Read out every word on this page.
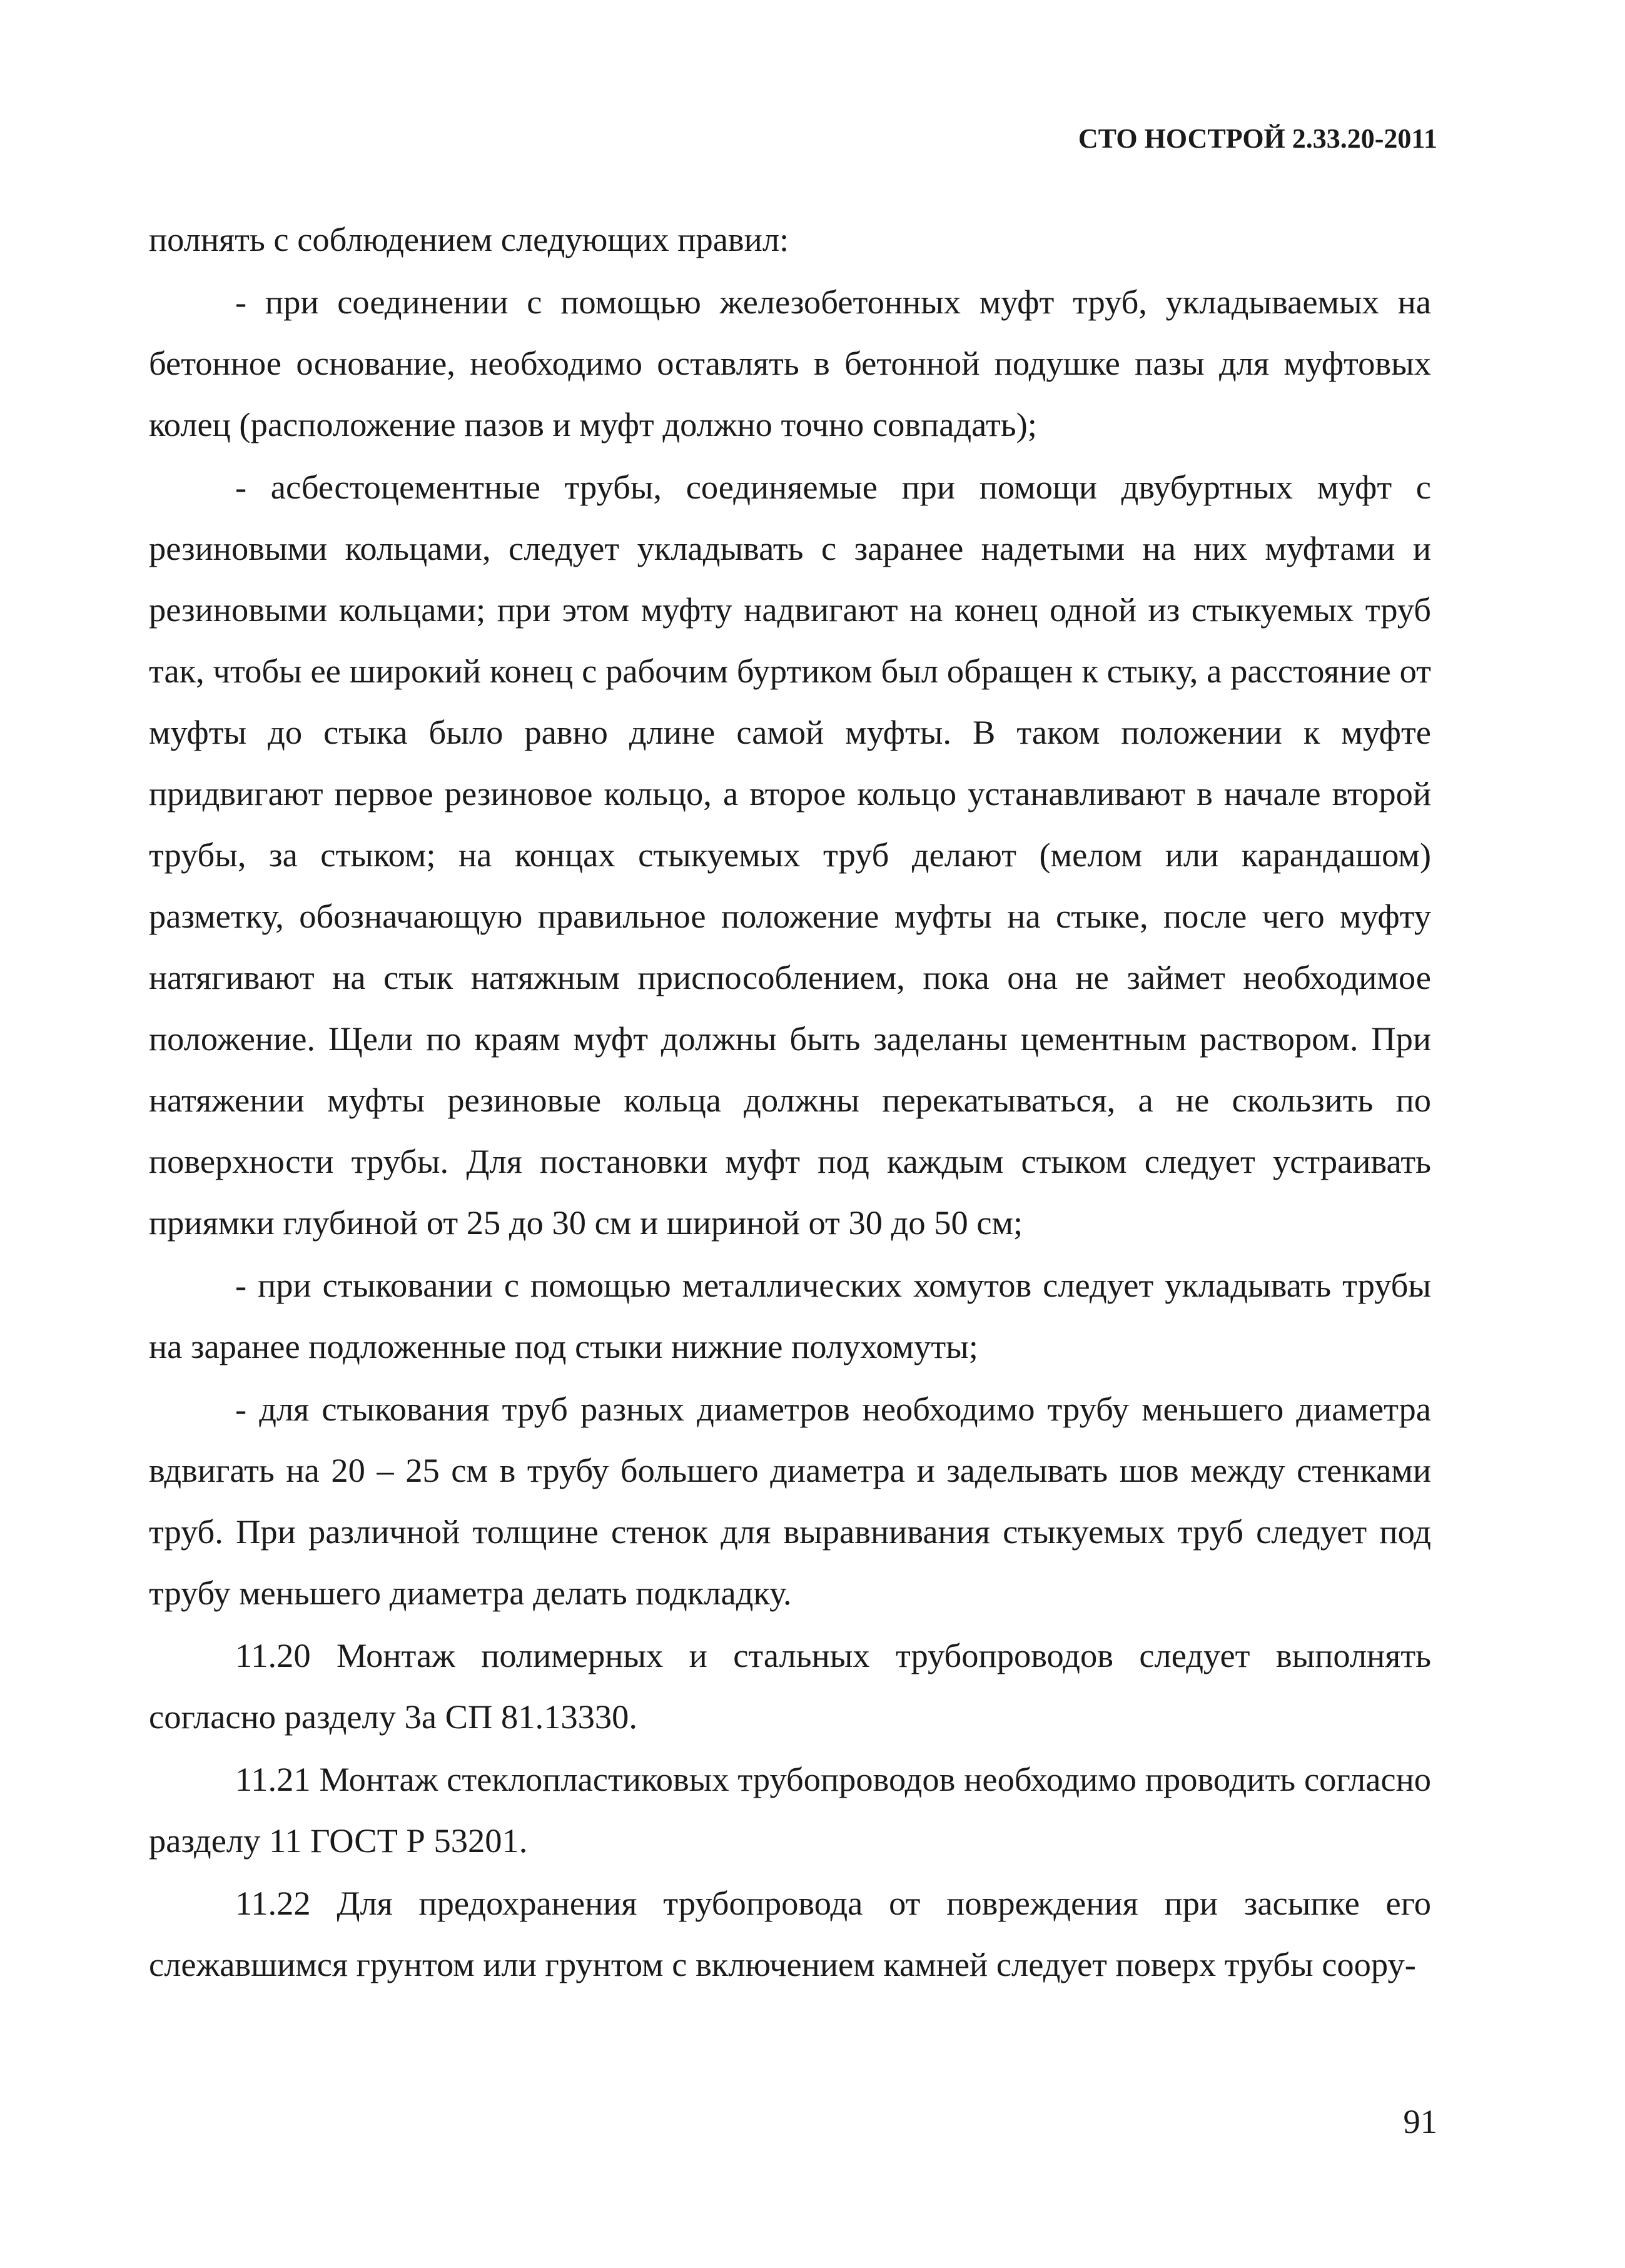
СТО НОСТРОЙ 2.33.20-2011

полнять с соблюдением следующих правил:

- при соединении с помощью железобетонных муфт труб, укладываемых на бетонное основание, необходимо оставлять в бетонной подушке пазы для муфтовых колец (расположение пазов и муфт должно точно совпадать);

- асбестоцементные трубы, соединяемые при помощи двубуртных муфт с резиновыми кольцами, следует укладывать с заранее надетыми на них муфтами и резиновыми кольцами; при этом муфту надвигают на конец одной из стыкуемых труб так, чтобы ее широкий конец с рабочим буртиком был обращен к стыку, а расстояние от муфты до стыка было равно длине самой муфты. В таком положении к муфте придвигают первое резиновое кольцо, а второе кольцо устанавливают в начале второй трубы, за стыком; на концах стыкуемых труб делают (мелом или карандашом) разметку, обозначающую правильное положение муфты на стыке, после чего муфту натягивают на стык натяжным приспособлением, пока она не займет необходимое положение. Щели по краям муфт должны быть заделаны цементным раствором. При натяжении муфты резиновые кольца должны перекатываться, а не скользить по поверхности трубы. Для постановки муфт под каждым стыком следует устраивать приямки глубиной от 25 до 30 см и шириной от 30 до 50 см;

- при стыковании с помощью металлических хомутов следует укладывать трубы на заранее подложенные под стыки нижние полухомуты;

- для стыкования труб разных диаметров необходимо трубу меньшего диаметра вдвигать на 20 – 25 см в трубу большего диаметра и заделывать шов между стенками труб. При различной толщине стенок для выравнивания стыкуемых труб следует под трубу меньшего диаметра делать подкладку.

11.20 Монтаж полимерных и стальных трубопроводов следует выполнять согласно разделу 3а СП 81.13330.

11.21 Монтаж стеклопластиковых трубопроводов необходимо проводить согласно разделу 11 ГОСТ Р 53201.

11.22 Для предохранения трубопровода от повреждения при засыпке его слежавшимся грунтом или грунтом с включением камней следует поверх трубы соору-

91
